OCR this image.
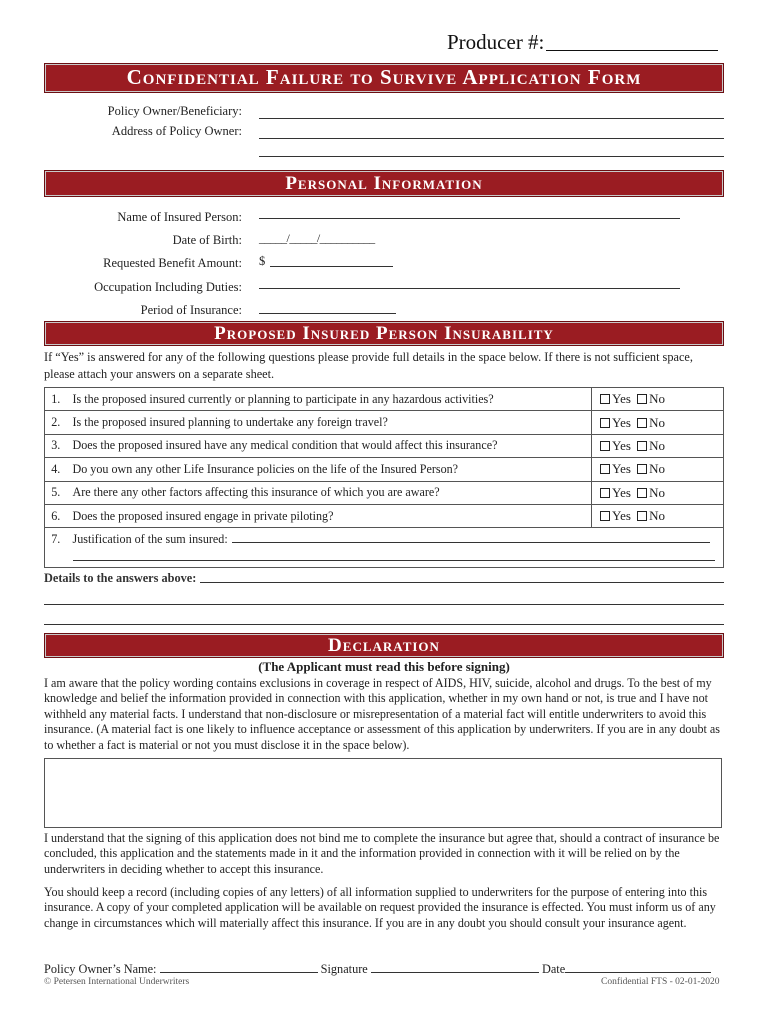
Producer #:
Confidential Failure to Survive Application Form
Policy Owner/Beneficiary:
Address of Policy Owner:
Personal Information
Name of Insured Person:
Date of Birth: _____/_____/__________
Requested Benefit Amount: $
Occupation Including Duties:
Period of Insurance:
Proposed Insured Person Insurability
If “Yes” is answered for any of the following questions please provide full details in the space below. If there is not sufficient space, please attach your answers on a separate sheet.
1.	Is the proposed insured currently or planning to participate in any hazardous activities?	Yes No
2.	Is the proposed insured planning to undertake any foreign travel?	Yes No
3.	Does the proposed insured have any medical condition that would affect this insurance?	Yes No
4.	Do you own any other Life Insurance policies on the life of the Insured Person?	Yes No
5.	Are there any other factors affecting this insurance of which you are aware?	Yes No
6.	Does the proposed insured engage in private piloting?	Yes No
7.	Justification of the sum insured:	
Details to the answers above:
Declaration
(The Applicant must read this before signing)
I am aware that the policy wording contains exclusions in coverage in respect of AIDS, HIV, suicide, alcohol and drugs. To the best of my knowledge and belief the information provided in connection with this application, whether in my own hand or not, is true and I have not withheld any material facts. I understand that non-disclosure or misrepresentation of a material fact will entitle underwriters to avoid this insurance. (A material fact is one likely to influence acceptance or assessment of this application by underwriters. If you are in any doubt as to whether a fact is material or not you must disclose it in the space below).
I understand that the signing of this application does not bind me to complete the insurance but agree that, should a contract of insurance be concluded, this application and the statements made in it and the information provided in connection with it will be relied on by the underwriters in deciding whether to accept this insurance.
You should keep a record (including copies of any letters) of all information supplied to underwriters for the purpose of entering into this insurance. A copy of your completed application will be available on request provided the insurance is effected. You must inform us of any change in circumstances which will materially affect this insurance. If you are in any doubt you should consult your insurance agent.
Policy Owner’s Name:	Signature	Date
© Petersen International Underwriters	Confidential FTS - 02-01-2020
